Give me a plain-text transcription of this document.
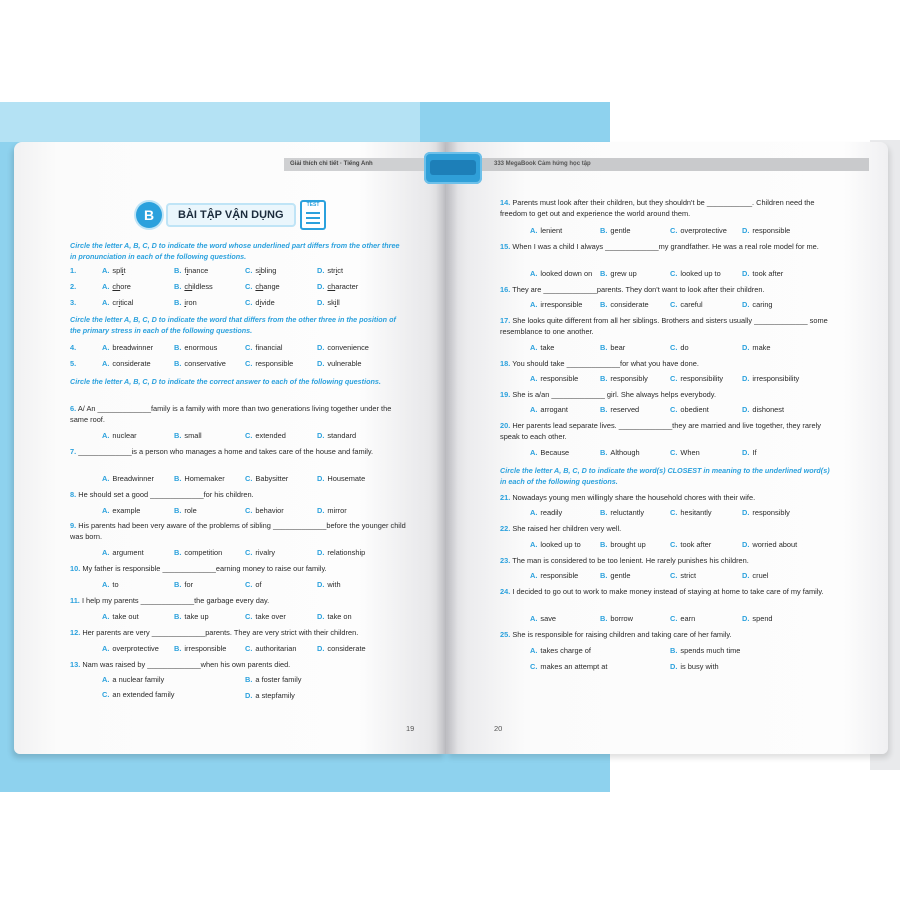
Giải thích chi tiết · Tiếng Anh
B	BÀI TẬP VẬN DỤNG
TEST
Circle the letter A, B, C, D to indicate the word whose underlined part differs from the other three in pronunciation in each of the following questions.
1.	A. split	B. finance	C. sibling	D. strict
2.	A. chore	B. childless	C. change	D. character
3.	A. critical	B. iron	C. divide	D. skill
Circle the letter A, B, C, D to indicate the word that differs from the other three in the position of the primary stress in each of the following questions.
4.	A. breadwinner	B. enormous	C. financial	D. convenience
5.	A. considerate	B. conservative	C. responsible	D. vulnerable
Circle the letter A, B, C, D to indicate the correct answer to each of the following questions.
6. A/ An _____________family is a family with more than two generations living together under the same roof.
A. nuclear	B. small	C. extended	D. standard
7. _____________is a person who manages a home and takes care of the house and family.
A. Breadwinner	B. Homemaker	C. Babysitter	D. Housemate
8. He should set a good _____________for his children.
A. example	B. role	C. behavior	D. mirror
9. His parents had been very aware of the problems of sibling _____________before the younger child was born.
A. argument	B. competition	C. rivalry	D. relationship
10. My father is responsible _____________earning money to raise our family.
A. to	B. for	C. of	D. with
11. I help my parents _____________the garbage every day.
A. take out	B. take up	C. take over	D. take on
12. Her parents are very _____________parents. They are very strict with their children.
A. overprotective B. irresponsible	C. authoritarian	D. considerate
13. Nam was raised by _____________when his own parents died.
A. a nuclear family	B. a foster family
C. an extended family	D. a stepfamily
19
333 MegaBook Cảm hứng học tập
14. Parents must look after their children, but they shouldn't be ___________. Children need the freedom to get out and experience the world around them.
A. lenient	B. gentle	C. overprotective D. responsible
15. When I was a child I always _____________my grandfather. He was a real role model for me.
A. looked down on B. grew up	C. looked up to	D. took after
16. They are _____________parents. They don't want to look after their children.
A. irresponsible B. considerate	C. careful	D. caring
17. She looks quite different from all her siblings. Brothers and sisters usually _____________ some resemblance to one another.
A. take	B. bear	C. do	D. make
18. You should take _____________for what you have done.
A. responsible	B. responsibly	C. responsibility	D. irresponsibility
19. She is a/an _____________ girl. She always helps everybody.
A. arrogant	B. reserved	C. obedient	D. dishonest
20. Her parents lead separate lives. _____________they are married and live together, they rarely speak to each other.
A. Because	B. Although	C. When	D. If
Circle the letter A, B, C, D to indicate the word(s) CLOSEST in meaning to the underlined word(s) in each of the following questions.
21. Nowadays young men willingly share the household chores with their wife.
A. readily	B. reluctantly	C. hesitantly	D. responsibly
22. She raised her children very well.
A. looked up to	B. brought up	C. took after	D. worried about
23. The man is considered to be too lenient. He rarely punishes his children.
A. responsible	B. gentle	C. strict	D. cruel
24. I decided to go out to work to make money instead of staying at home to take care of my family.
A. save	B. borrow	C. earn	D. spend
25. She is responsible for raising children and taking care of her family.
A. takes charge of	B. spends much time
C. makes an attempt at	D. is busy with
20
